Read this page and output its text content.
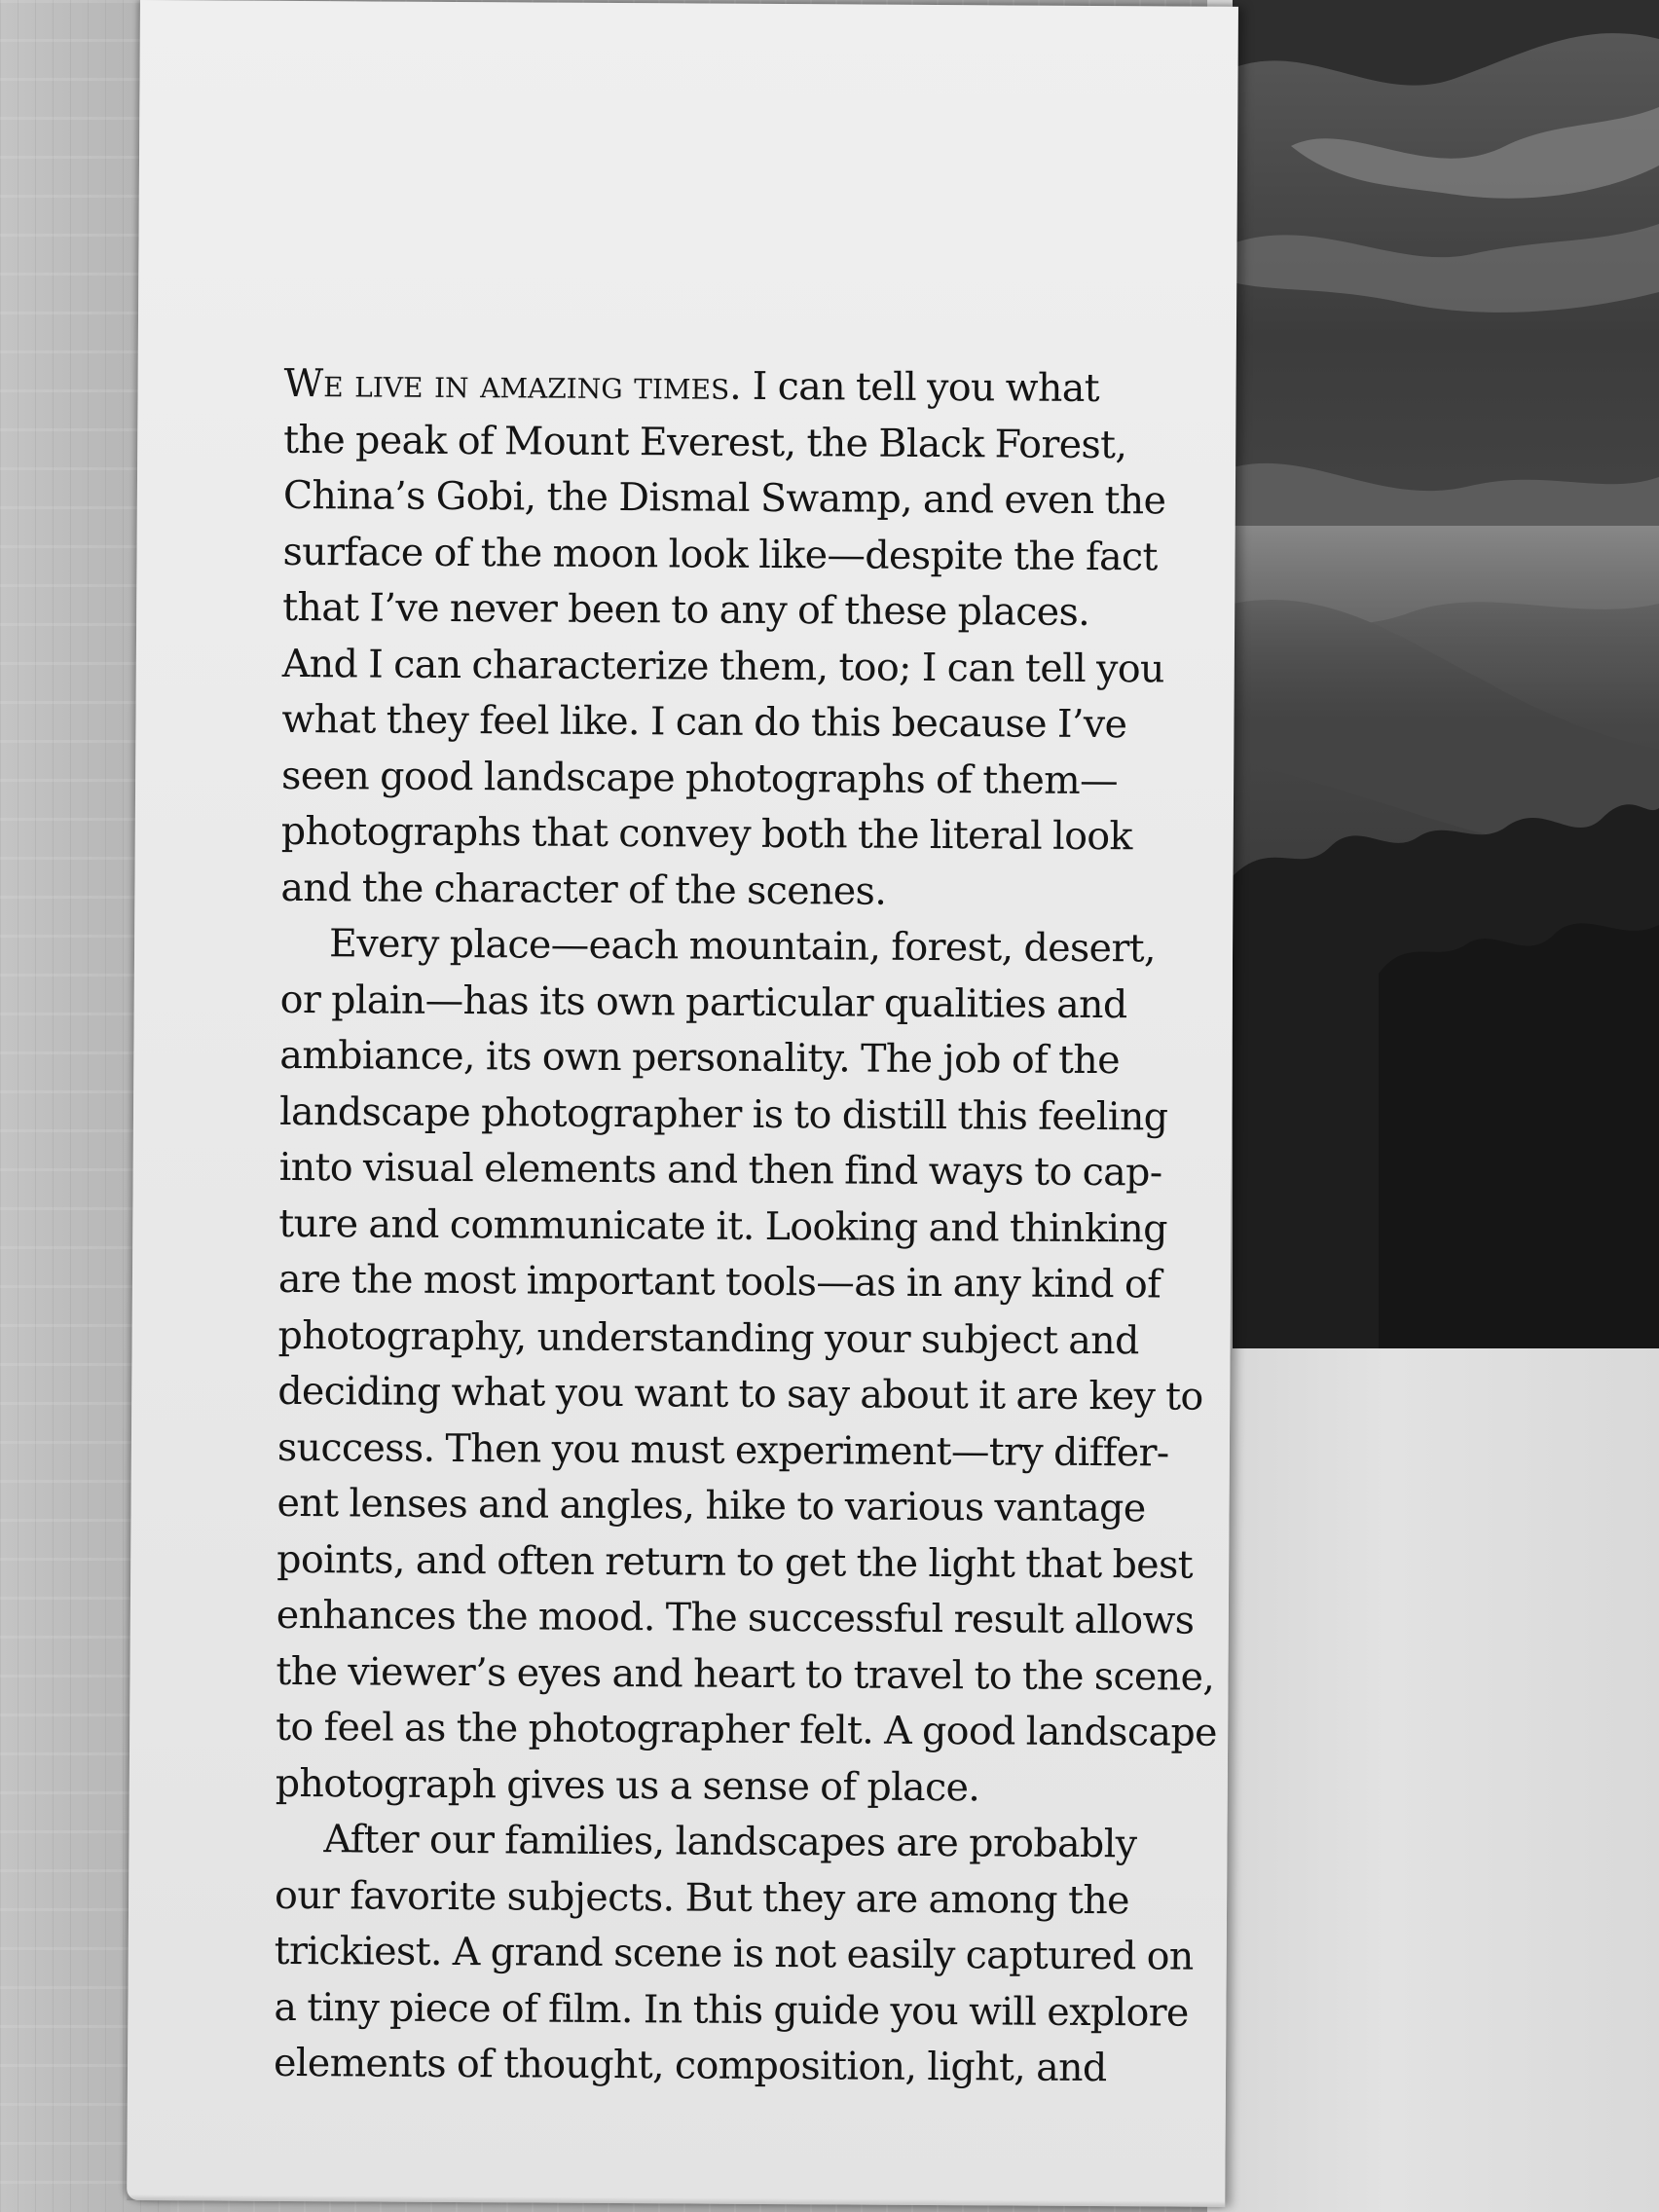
We live in amazing times. I can tell you what
the peak of Mount Everest, the Black Forest,
China’s Gobi, the Dismal Swamp, and even the
surface of the moon look like—despite the fact
that I’ve never been to any of these places.
And I can characterize them, too; I can tell you
what they feel like. I can do this because I’ve
seen good landscape photographs of them—
photographs that convey both the literal look
and the character of the scenes.
Every place—each mountain, forest, desert,
or plain—has its own particular qualities and
ambiance, its own personality. The job of the
landscape photographer is to distill this feeling
into visual elements and then find ways to cap-
ture and communicate it. Looking and thinking
are the most important tools—as in any kind of
photography, understanding your subject and
deciding what you want to say about it are key to
success. Then you must experiment—try differ-
ent lenses and angles, hike to various vantage
points, and often return to get the light that best
enhances the mood. The successful result allows
the viewer’s eyes and heart to travel to the scene,
to feel as the photographer felt. A good landscape
photograph gives us a sense of place.
After our families, landscapes are probably
our favorite subjects. But they are among the
trickiest. A grand scene is not easily captured on
a tiny piece of film. In this guide you will explore
elements of thought, composition, light, and
